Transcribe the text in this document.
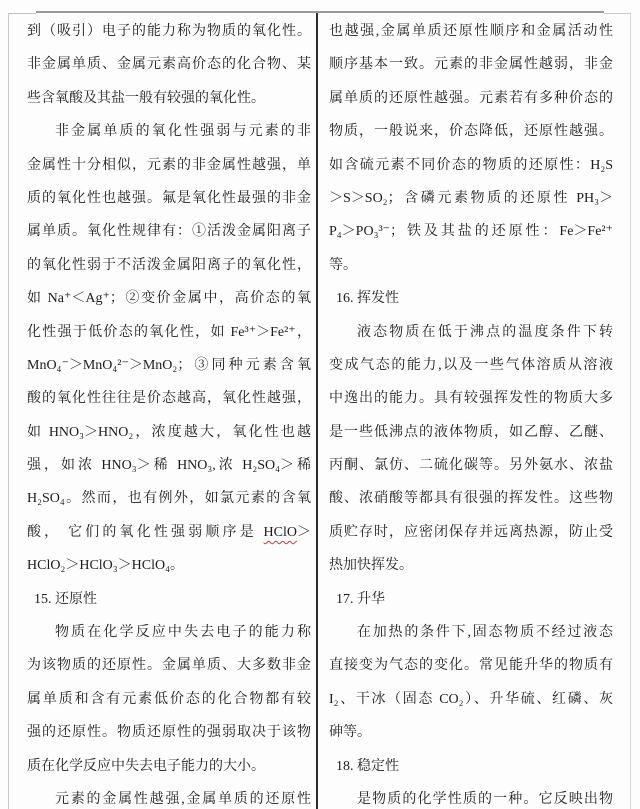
到（吸引）电子的能力称为物质的氧化性。
非金属单质、金属元素高价态的化合物、某
些含氧酸及其盐一般有较强的氧化性。
非金属单质的氧化性强弱与元素的非
金属性十分相似，元素的非金属性越强，单
质的氧化性也越强。氟是氧化性最强的非金
属单质。氧化性规律有：①活泼金属阳离子
的氧化性弱于不活泼金属阳离子的氧化性，
如 Na⁺＜Ag⁺；②变价金属中，高价态的氧
化性强于低价态的氧化性，如 Fe³⁺＞Fe²⁺，
MnO₄⁻＞MnO₄²⁻＞MnO₂；③同种元素含氧
酸的氧化性往往是价态越高，氧化性越强，
如 HNO₃＞HNO₂，浓度越大，氧化性也越
强，如浓 HNO₃＞稀 HNO₃,浓 H₂SO₄＞稀
H₂SO₄。然而，也有例外，如氯元素的含氧
酸， 它们的氧化性强弱顺序是 HClO＞
HClO₂＞HClO₃＞HClO₄。
15. 还原性
物质在化学反应中失去电子的能力称
为该物质的还原性。金属单质、大多数非金
属单质和含有元素低价态的化合物都有较
强的还原性。物质还原性的强弱取决于该物
质在化学反应中失去电子能力的大小。
元素的金属性越强,金属单质的还原性
也越强,金属单质还原性顺序和金属活动性
顺序基本一致。元素的非金属性越弱，非金
属单质的还原性越强。元素若有多种价态的
物质，一般说来，价态降低，还原性越强。
如含硫元素不同价态的物质的还原性：H₂S
＞S＞SO₂；含磷元素物质的还原性 PH₃＞
P₄＞PO₃³⁻；铁及其盐的还原性：Fe＞Fe²⁺
等。
16. 挥发性
液态物质在低于沸点的温度条件下转
变成气态的能力,以及一些气体溶质从溶液
中逸出的能力。具有较强挥发性的物质大多
是一些低沸点的液体物质，如乙醇、乙醚、
丙酮、氯仿、二硫化碳等。另外氨水、浓盐
酸、浓硝酸等都具有很强的挥发性。这些物
质贮存时，应密闭保存并远离热源，防止受
热加快挥发。
17. 升华
在加热的条件下,固态物质不经过液态
直接变为气态的变化。常见能升华的物质有
I₂、干冰（固态 CO₂）、升华硫、红磷、灰
砷等。
18. 稳定性
是物质的化学性质的一种。它反映出物
